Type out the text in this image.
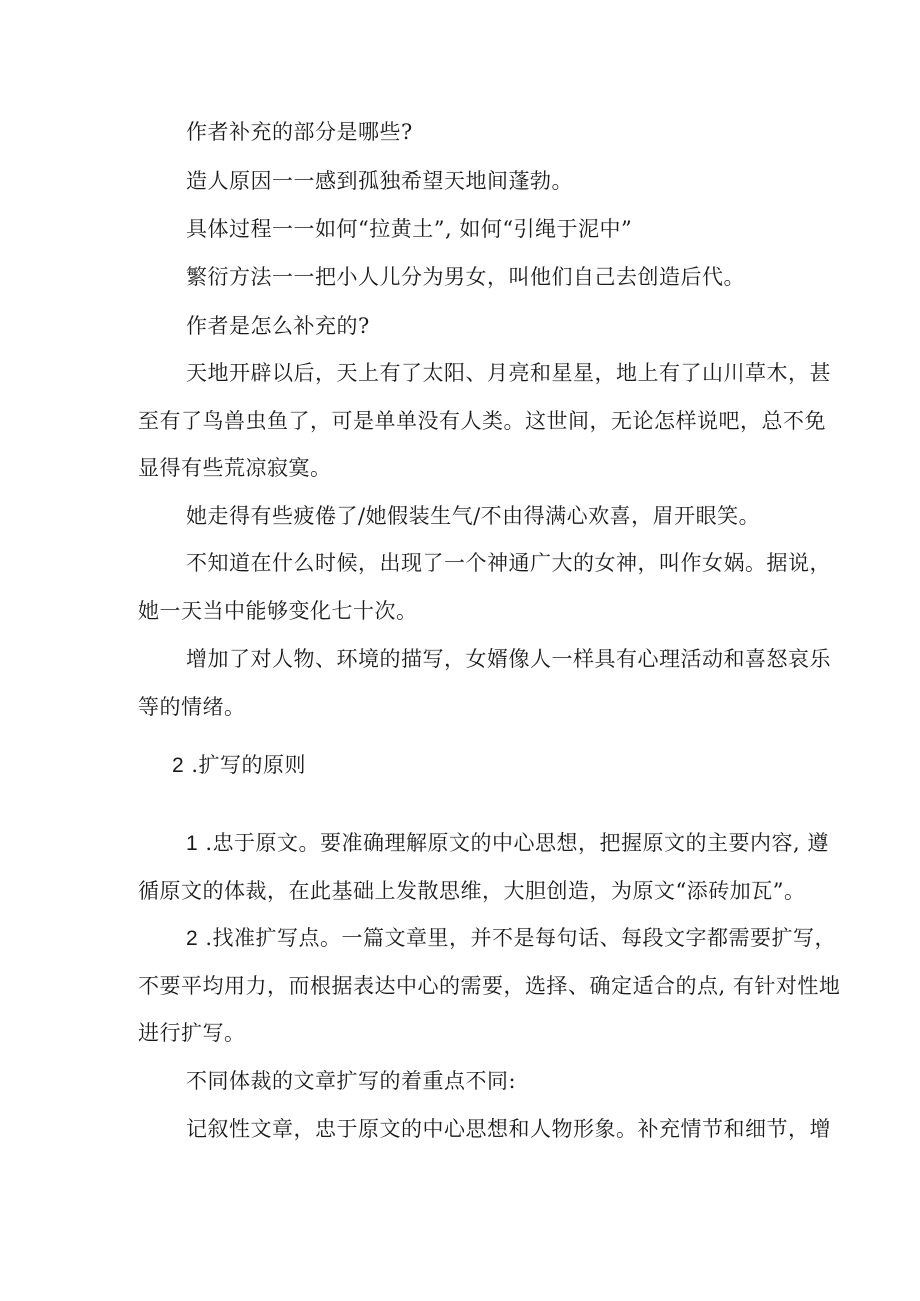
作者补充的部分是哪些?

造人原因一一感到孤独希望天地间蓬勃。

具体过程一一如何“拉黄土”, 如何“引绳于泥中”

繁衍方法一一把小人儿分为男女，叫他们自己去创造后代。

作者是怎么补充的?

天地开辟以后，天上有了太阳、月亮和星星，地上有了山川草木，甚

至有了鸟兽虫鱼了，可是单单没有人类。这世间，无论怎样说吧，总不免

显得有些荒凉寂寞。

她走得有些疲倦了/她假装生气/不由得满心欢喜，眉开眼笑。

不知道在什么时候，出现了一个神通广大的女神，叫作女娲。据说，

她一天当中能够变化七十次。

增加了对人物、环境的描写，女婿像人一样具有心理活动和喜怒哀乐

等的情绪。

2 .扩写的原则

1 .忠于原文。要准确理解原文的中心思想，把握原文的主要内容, 遵

循原文的体裁，在此基础上发散思维，大胆创造，为原文“添砖加瓦”。

2 .找准扩写点。一篇文章里，并不是每句话、每段文字都需要扩写，

不要平均用力，而根据表达中心的需要，选择、确定适合的点, 有针对性地

进行扩写。

不同体裁的文章扩写的着重点不同:

记叙性文章，忠于原文的中心思想和人物形象。补充情节和细节，增
